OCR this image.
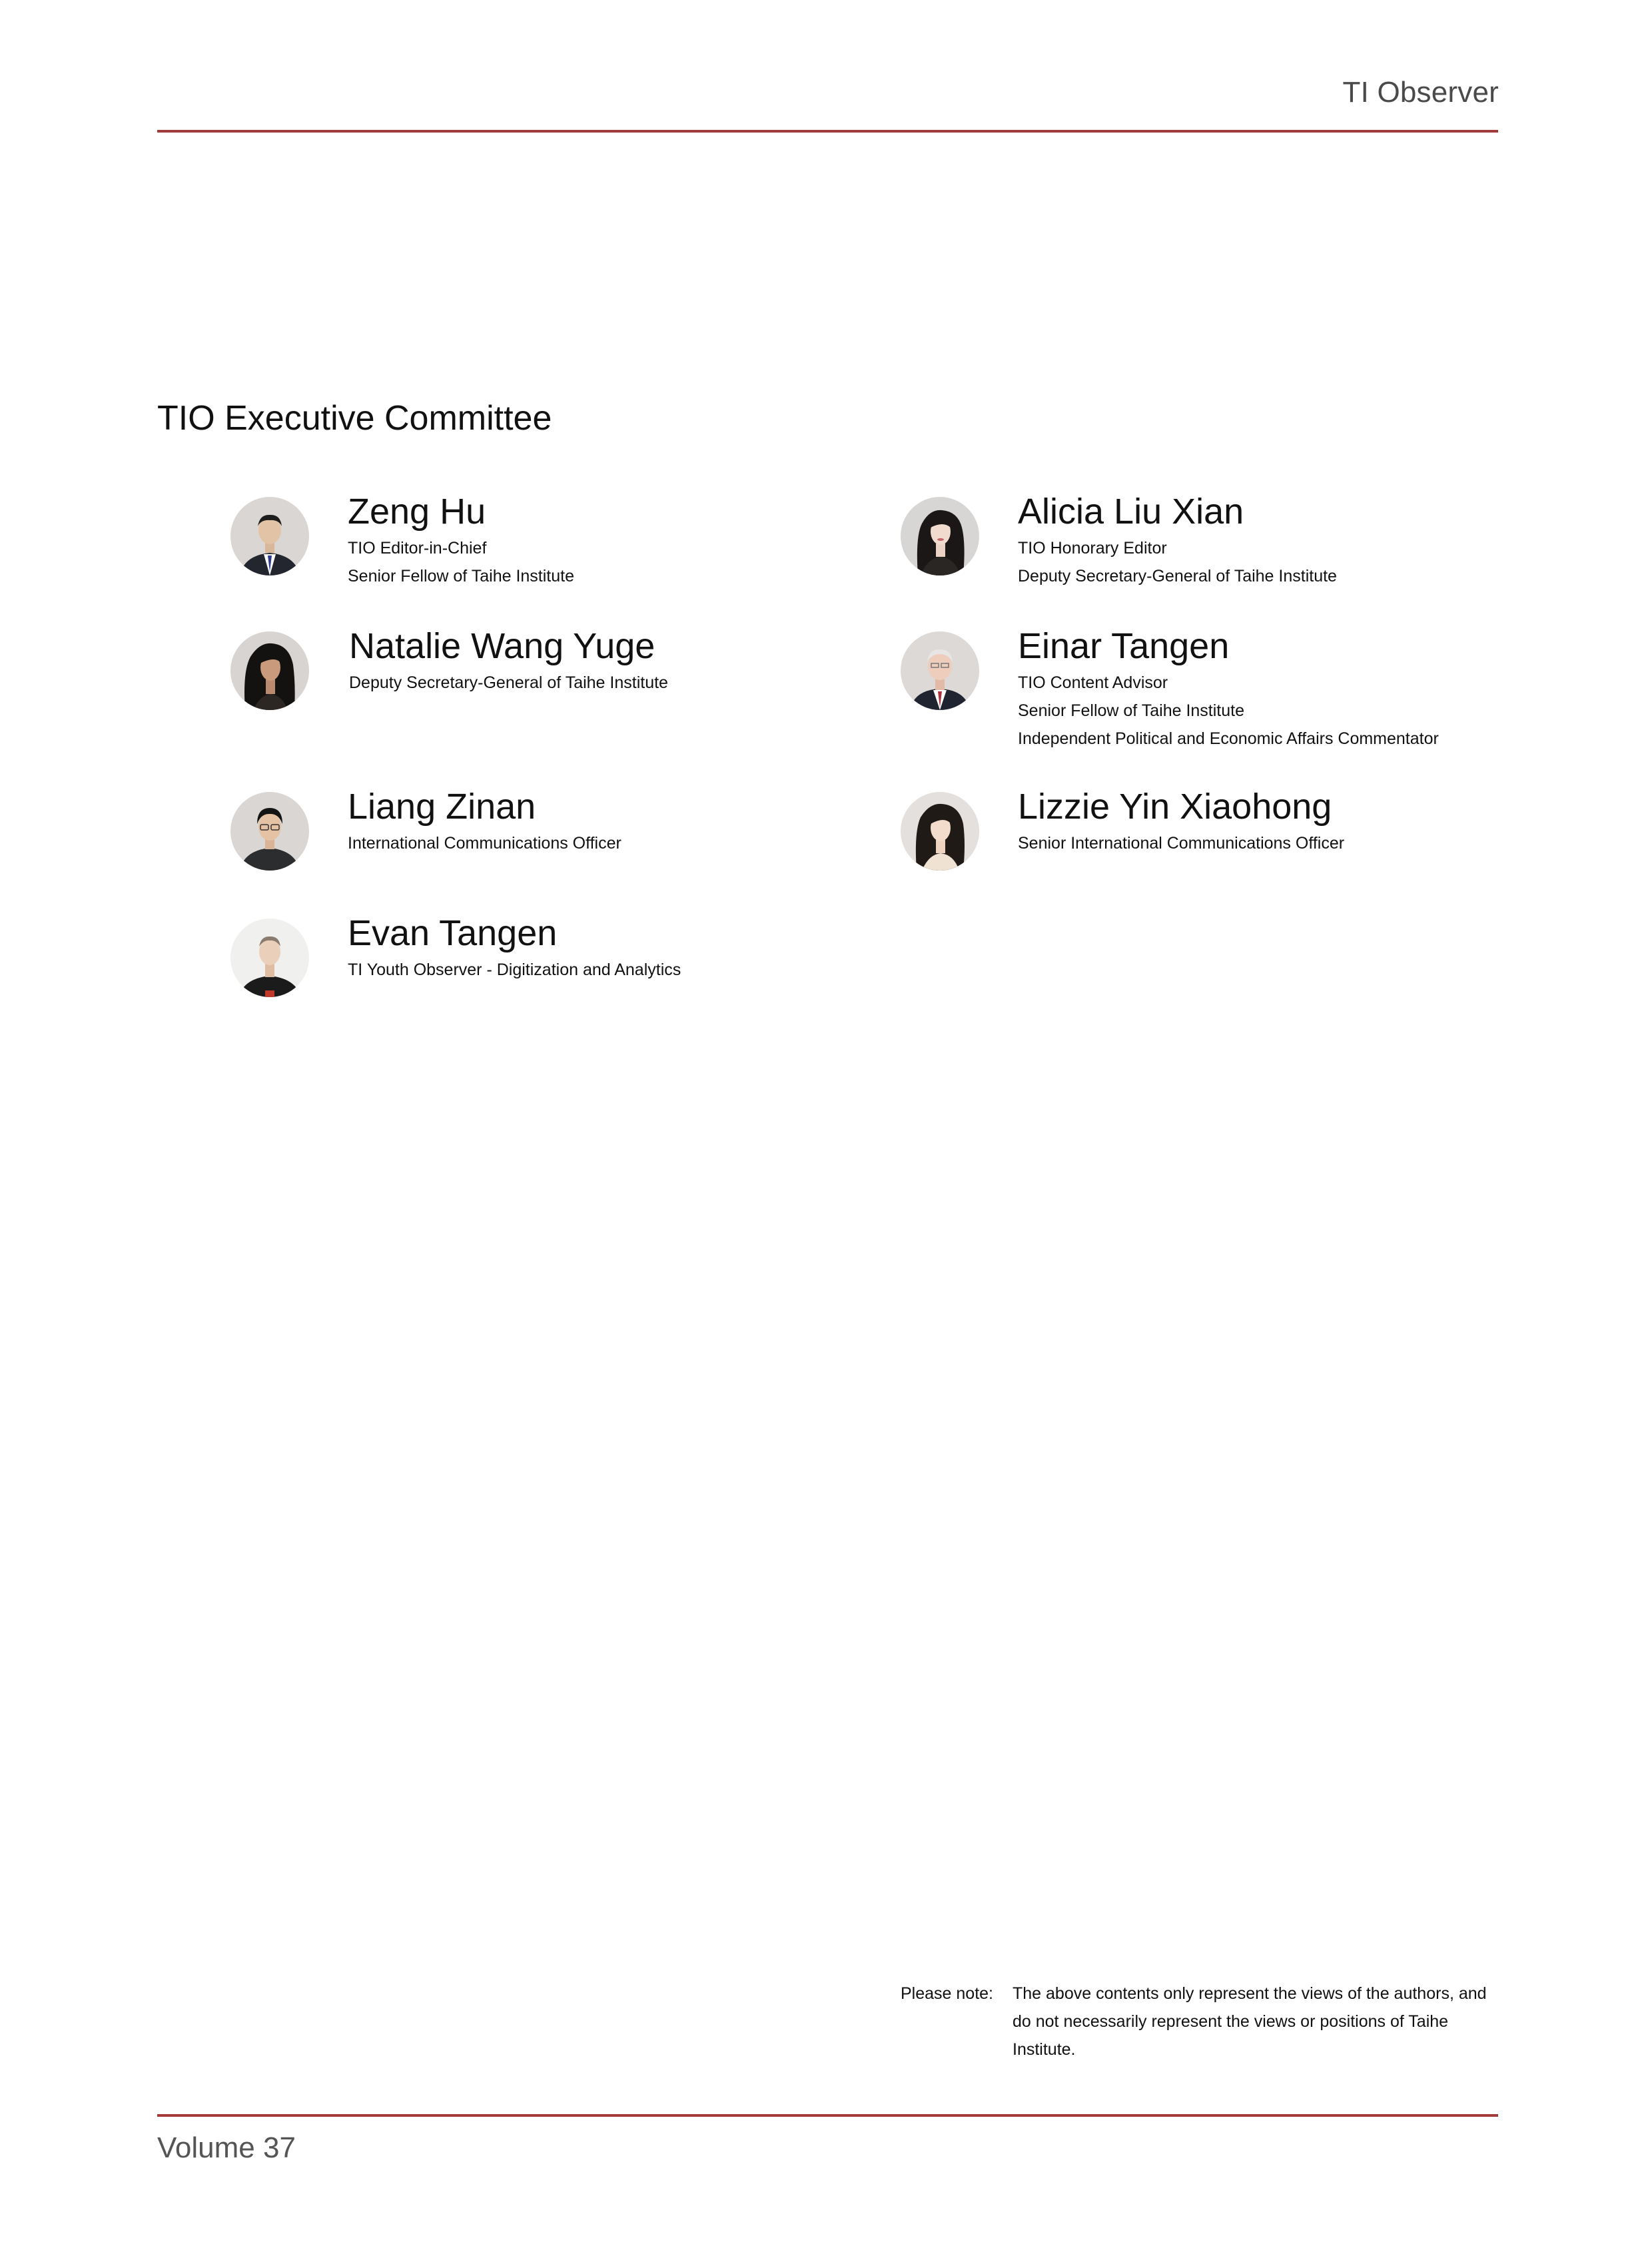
TI Observer
TIO Executive Committee
Zeng Hu
TIO Editor-in-Chief
Senior Fellow of Taihe Institute
Alicia Liu Xian
TIO Honorary Editor
Deputy Secretary-General of Taihe Institute
Natalie Wang Yuge
Deputy Secretary-General of Taihe Institute
Einar Tangen
TIO Content Advisor
Senior Fellow of Taihe Institute
Independent Political and Economic Affairs Commentator
Liang Zinan
International Communications Officer
Lizzie Yin Xiaohong
Senior International Communications Officer
Evan Tangen
TI Youth Observer - Digitization and Analytics
Please note:	The above contents only represent the views of the authors, and do not necessarily represent the views or positions of Taihe Institute.
Volume 37
